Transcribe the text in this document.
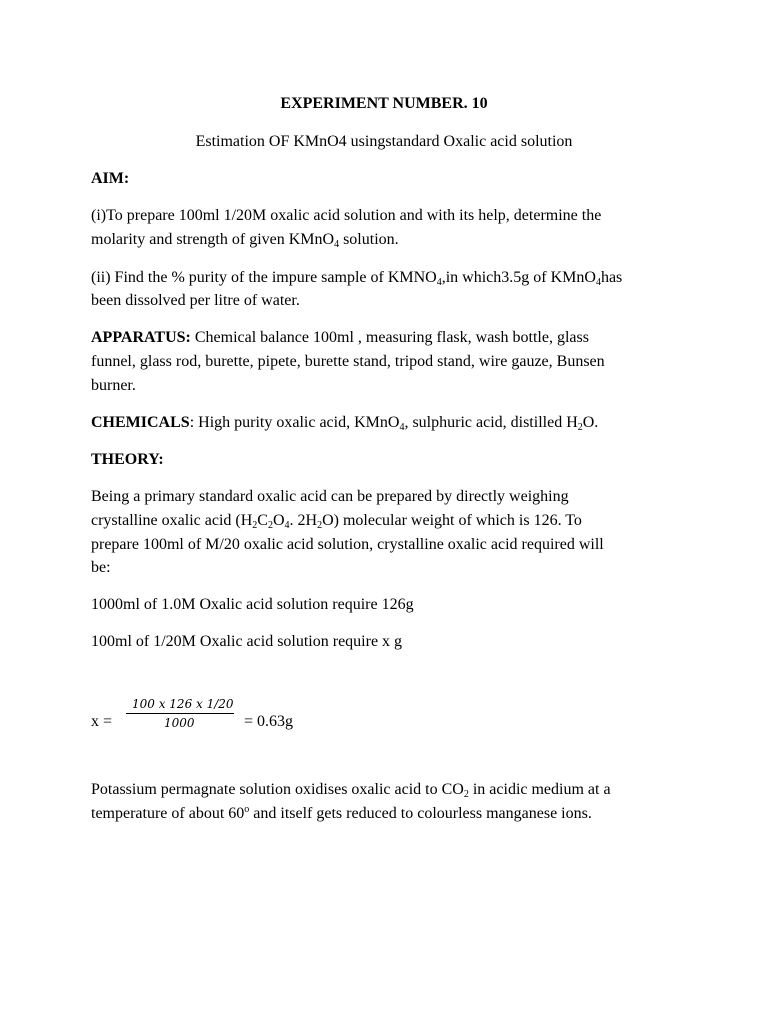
EXPERIMENT NUMBER. 10
Estimation OF KMnO4 usingstandard Oxalic acid solution
AIM:
(i)To prepare 100ml 1/20M oxalic acid solution and with its help, determine the
molarity and strength of given KMnO$_4$ solution.
(ii) Find the % purity of the impure sample of $KMNO_4,in$ which3.5g of KMnO$_4$has
been dissolved per litre of water.
APPARATUS: Chemical balance 100ml , measuring flask, wash bottle, glass
funnel, glass rod, burette, pipete, burette stand, tripod stand, wire gauze, Bunsen
burner.
CHEMICALS: High purity oxalic acid, KMnO$_4$, sulphuric acid, distilled $H_2O$.
THEORY:
Being a primary standard oxalic acid can be prepared by directly weighing
crystalline oxalic acid ($H_2C_2O_4$. $2H_2O$) molecular weight of which is 126. To
prepare 100ml of M/20 oxalic acid solution, crystalline oxalic acid required will
be:
1000ml of 1.0M Oxalic acid solution require 126g
100ml of 1/20M Oxalic acid solution require x g
x =
100 x 126 x 1/20
1000	= 0.63g
Potassium permagnate solution oxidises oxalic acid to $CO_2$ in acidic medium at a
temperature of about 60$^o$ and itself gets reduced to colourless manganese ions.
